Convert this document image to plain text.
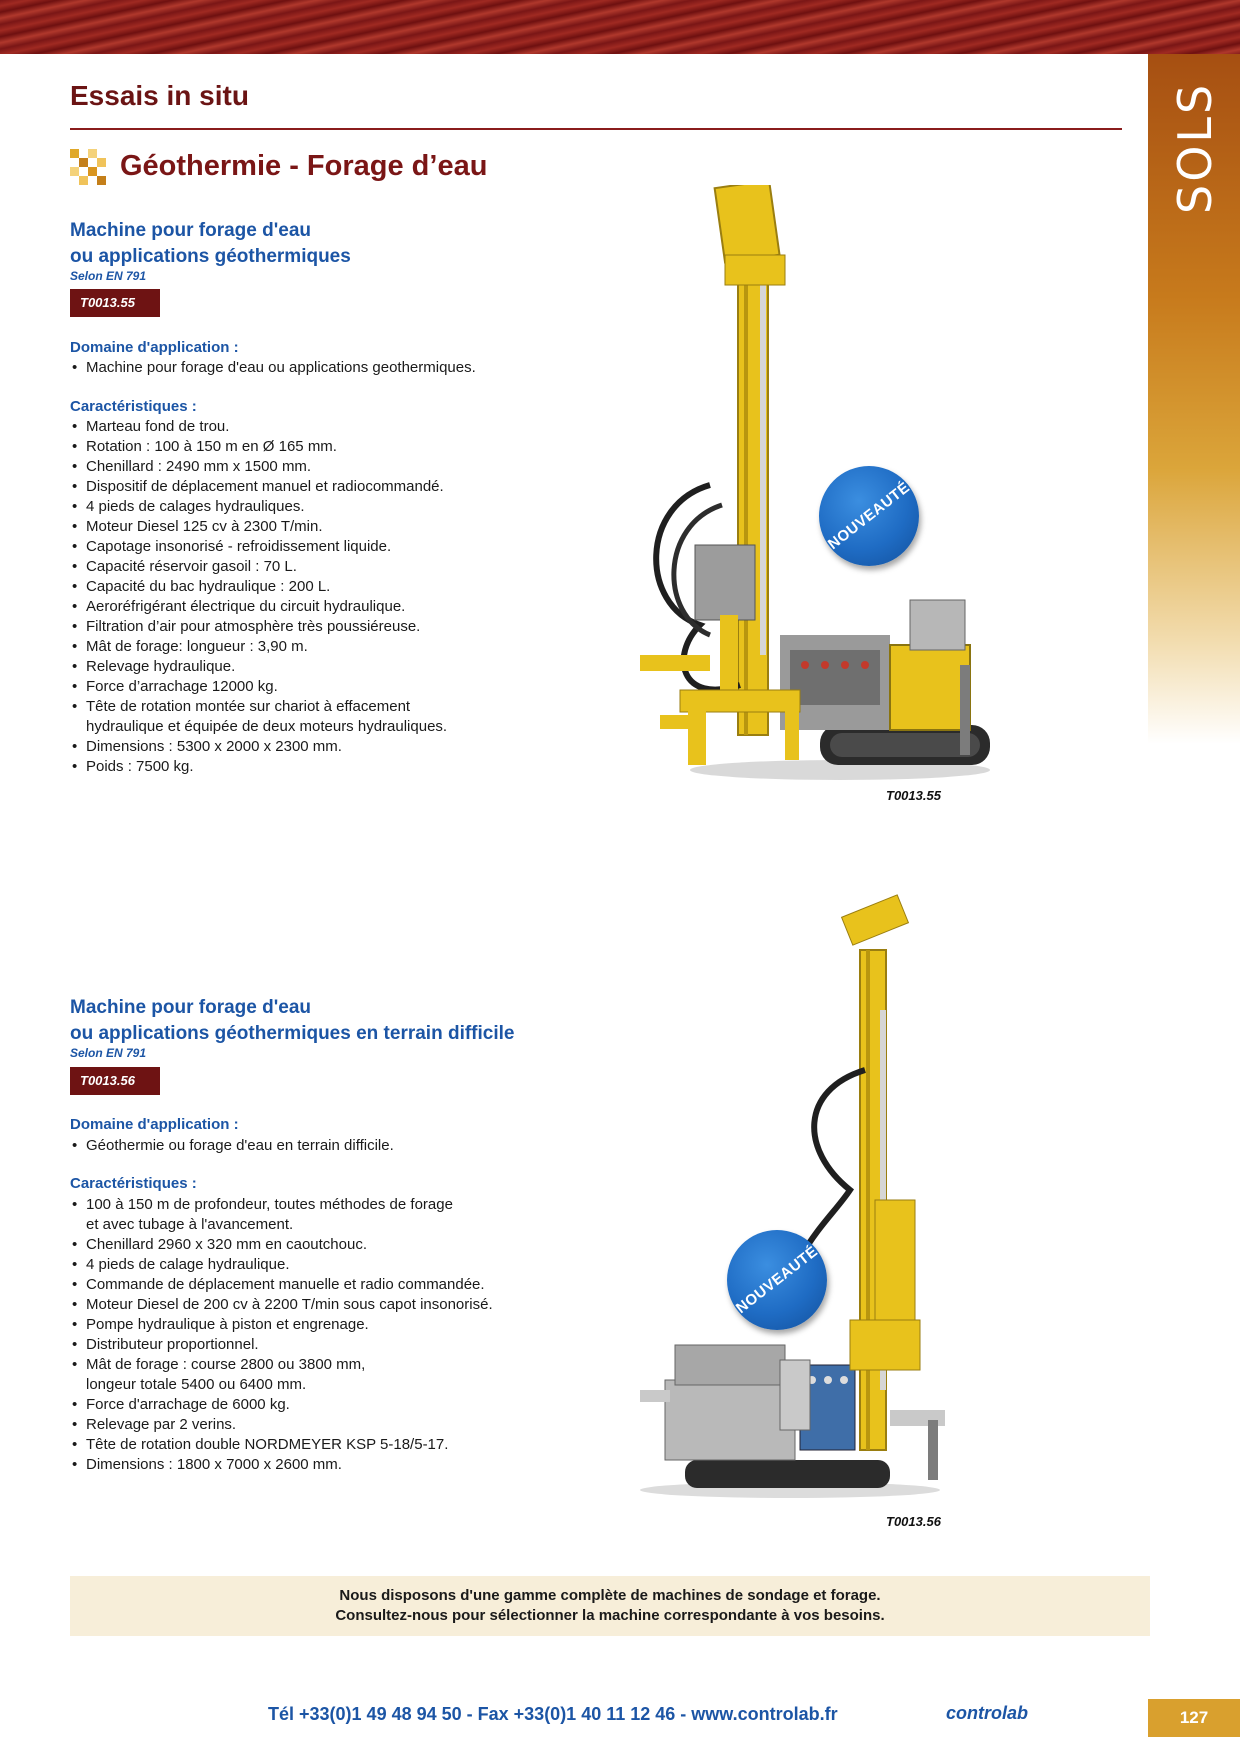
SOLS
Essais in situ
Géothermie - Forage d’eau
Machine pour forage d'eau
ou applications géothermiques
Selon EN 791
T0013.55
Domaine d'application :
• Machine pour forage d'eau ou applications geothermiques.
Caractéristiques :
• Marteau fond de trou.
• Rotation : 100 à 150 m en Ø 165 mm.
• Chenillard : 2490 mm x 1500 mm.
• Dispositif de déplacement manuel et radiocommandé.
• 4 pieds de calages hydrauliques.
• Moteur Diesel 125 cv à 2300 T/min.
• Capotage insonorisé - refroidissement liquide.
• Capacité réservoir gasoil : 70 L.
• Capacité du bac hydraulique : 200 L.
• Aeroréfrigérant électrique du circuit hydraulique.
• Filtration d’air pour atmosphère très poussiéreuse.
• Mât de forage: longueur : 3,90 m.
• Relevage hydraulique.
• Force d’arrachage 12000 kg.
• Tête de rotation montée sur chariot à effacement
hydraulique et équipée de deux moteurs hydrauliques.
• Dimensions : 5300 x 2000 x 2300 mm.
• Poids : 7500 kg.
NOUVEAUTÉ
T0013.55
Machine pour forage d'eau
ou applications géothermiques en terrain difficile
Selon EN 791
T0013.56
Domaine d'application :
• Géothermie ou forage d'eau en terrain difficile.
Caractéristiques :
• 100 à 150 m de profondeur, toutes méthodes de forage
et avec tubage à l'avancement.
• Chenillard 2960 x 320 mm en caoutchouc.
• 4 pieds de calage hydraulique.
• Commande de déplacement manuelle et radio commandée.
• Moteur Diesel de 200 cv à 2200 T/min sous capot insonorisé.
• Pompe hydraulique à piston et engrenage.
• Distributeur proportionnel.
• Mât de forage : course 2800 ou 3800 mm,
longeur totale 5400 ou 6400 mm.
• Force d'arrachage de 6000 kg.
• Relevage par 2 verins.
• Tête de rotation double NORDMEYER KSP 5-18/5-17.
• Dimensions : 1800 x 7000 x 2600 mm.
NOUVEAUTÉ
T0013.56
Nous disposons d'une gamme complète de machines de sondage et forage.
Consultez-nous pour sélectionner la machine correspondante à vos besoins.
Tél +33(0)1 49 48 94 50 - Fax +33(0)1 40 11 12 46 - www.controlab.fr	controlab	127
